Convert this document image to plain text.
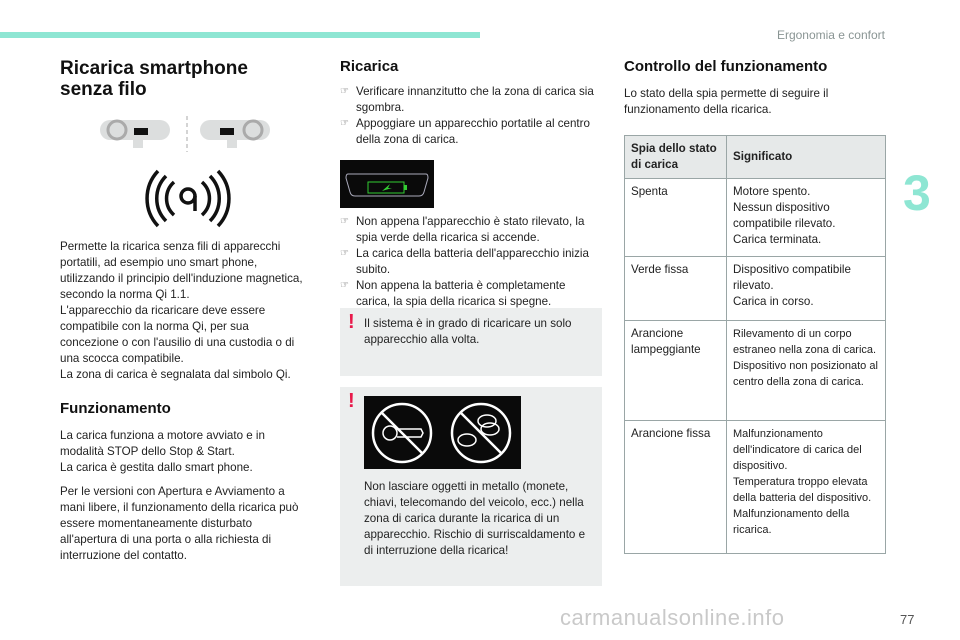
Ergonomia e confort
3
Ricarica smartphone senza filo
Permette la ricarica senza fili di apparecchi portatili, ad esempio uno smart phone, utilizzando il principio dell'induzione magnetica, secondo la norma Qi 1.1.
L'apparecchio da ricaricare deve essere compatibile con la norma Qi, per sua concezione o con l'ausilio di una custodia o di una scocca compatibile.
La zona di carica è segnalata dal simbolo Qi.
Funzionamento

La carica funziona a motore avviato e in modalità STOP dello Stop & Start.
La carica è gestita dallo smart phone.

Per le versioni con Apertura e Avviamento a mani libere, il funzionamento della ricarica può essere momentaneamente disturbato all'apertura di una porta o alla richiesta di interruzione del contatto.

Ricarica
☞ Verificare innanzitutto che la zona di carica sia sgombra.
☞ Appoggiare un apparecchio portatile al centro della zona di carica.
☞ Non appena l'apparecchio è stato rilevato, la spia verde della ricarica si accende.
☞ La carica della batteria dell'apparecchio inizia subito.
☞ Non appena la batteria è completamente carica, la spia della ricarica si spegne.
! Il sistema è in grado di ricaricare un solo apparecchio alla volta.
!
Non lasciare oggetti in metallo (monete, chiavi, telecomando del veicolo, ecc.) nella zona di carica durante la ricarica di un apparecchio. Rischio di surriscaldamento e di interruzione della ricarica!
Controllo del funzionamento

Lo stato della spia permette di seguire il funzionamento della ricarica.

Spia dello stato di carica	Significato
Spenta	Motore spento.
Nessun dispositivo compatibile rilevato.
Carica terminata.
Verde fissa	Dispositivo compatibile rilevato.
Carica in corso.
Arancione lampeggiante	Rilevamento di un corpo estraneo nella zona di carica.
Dispositivo non posizionato al centro della zona di carica.
Arancione fissa	Malfunzionamento dell'indicatore di carica del dispositivo.
Temperatura troppo elevata della batteria del dispositivo.
Malfunzionamento della ricarica.
carmanualsonline.info	77
